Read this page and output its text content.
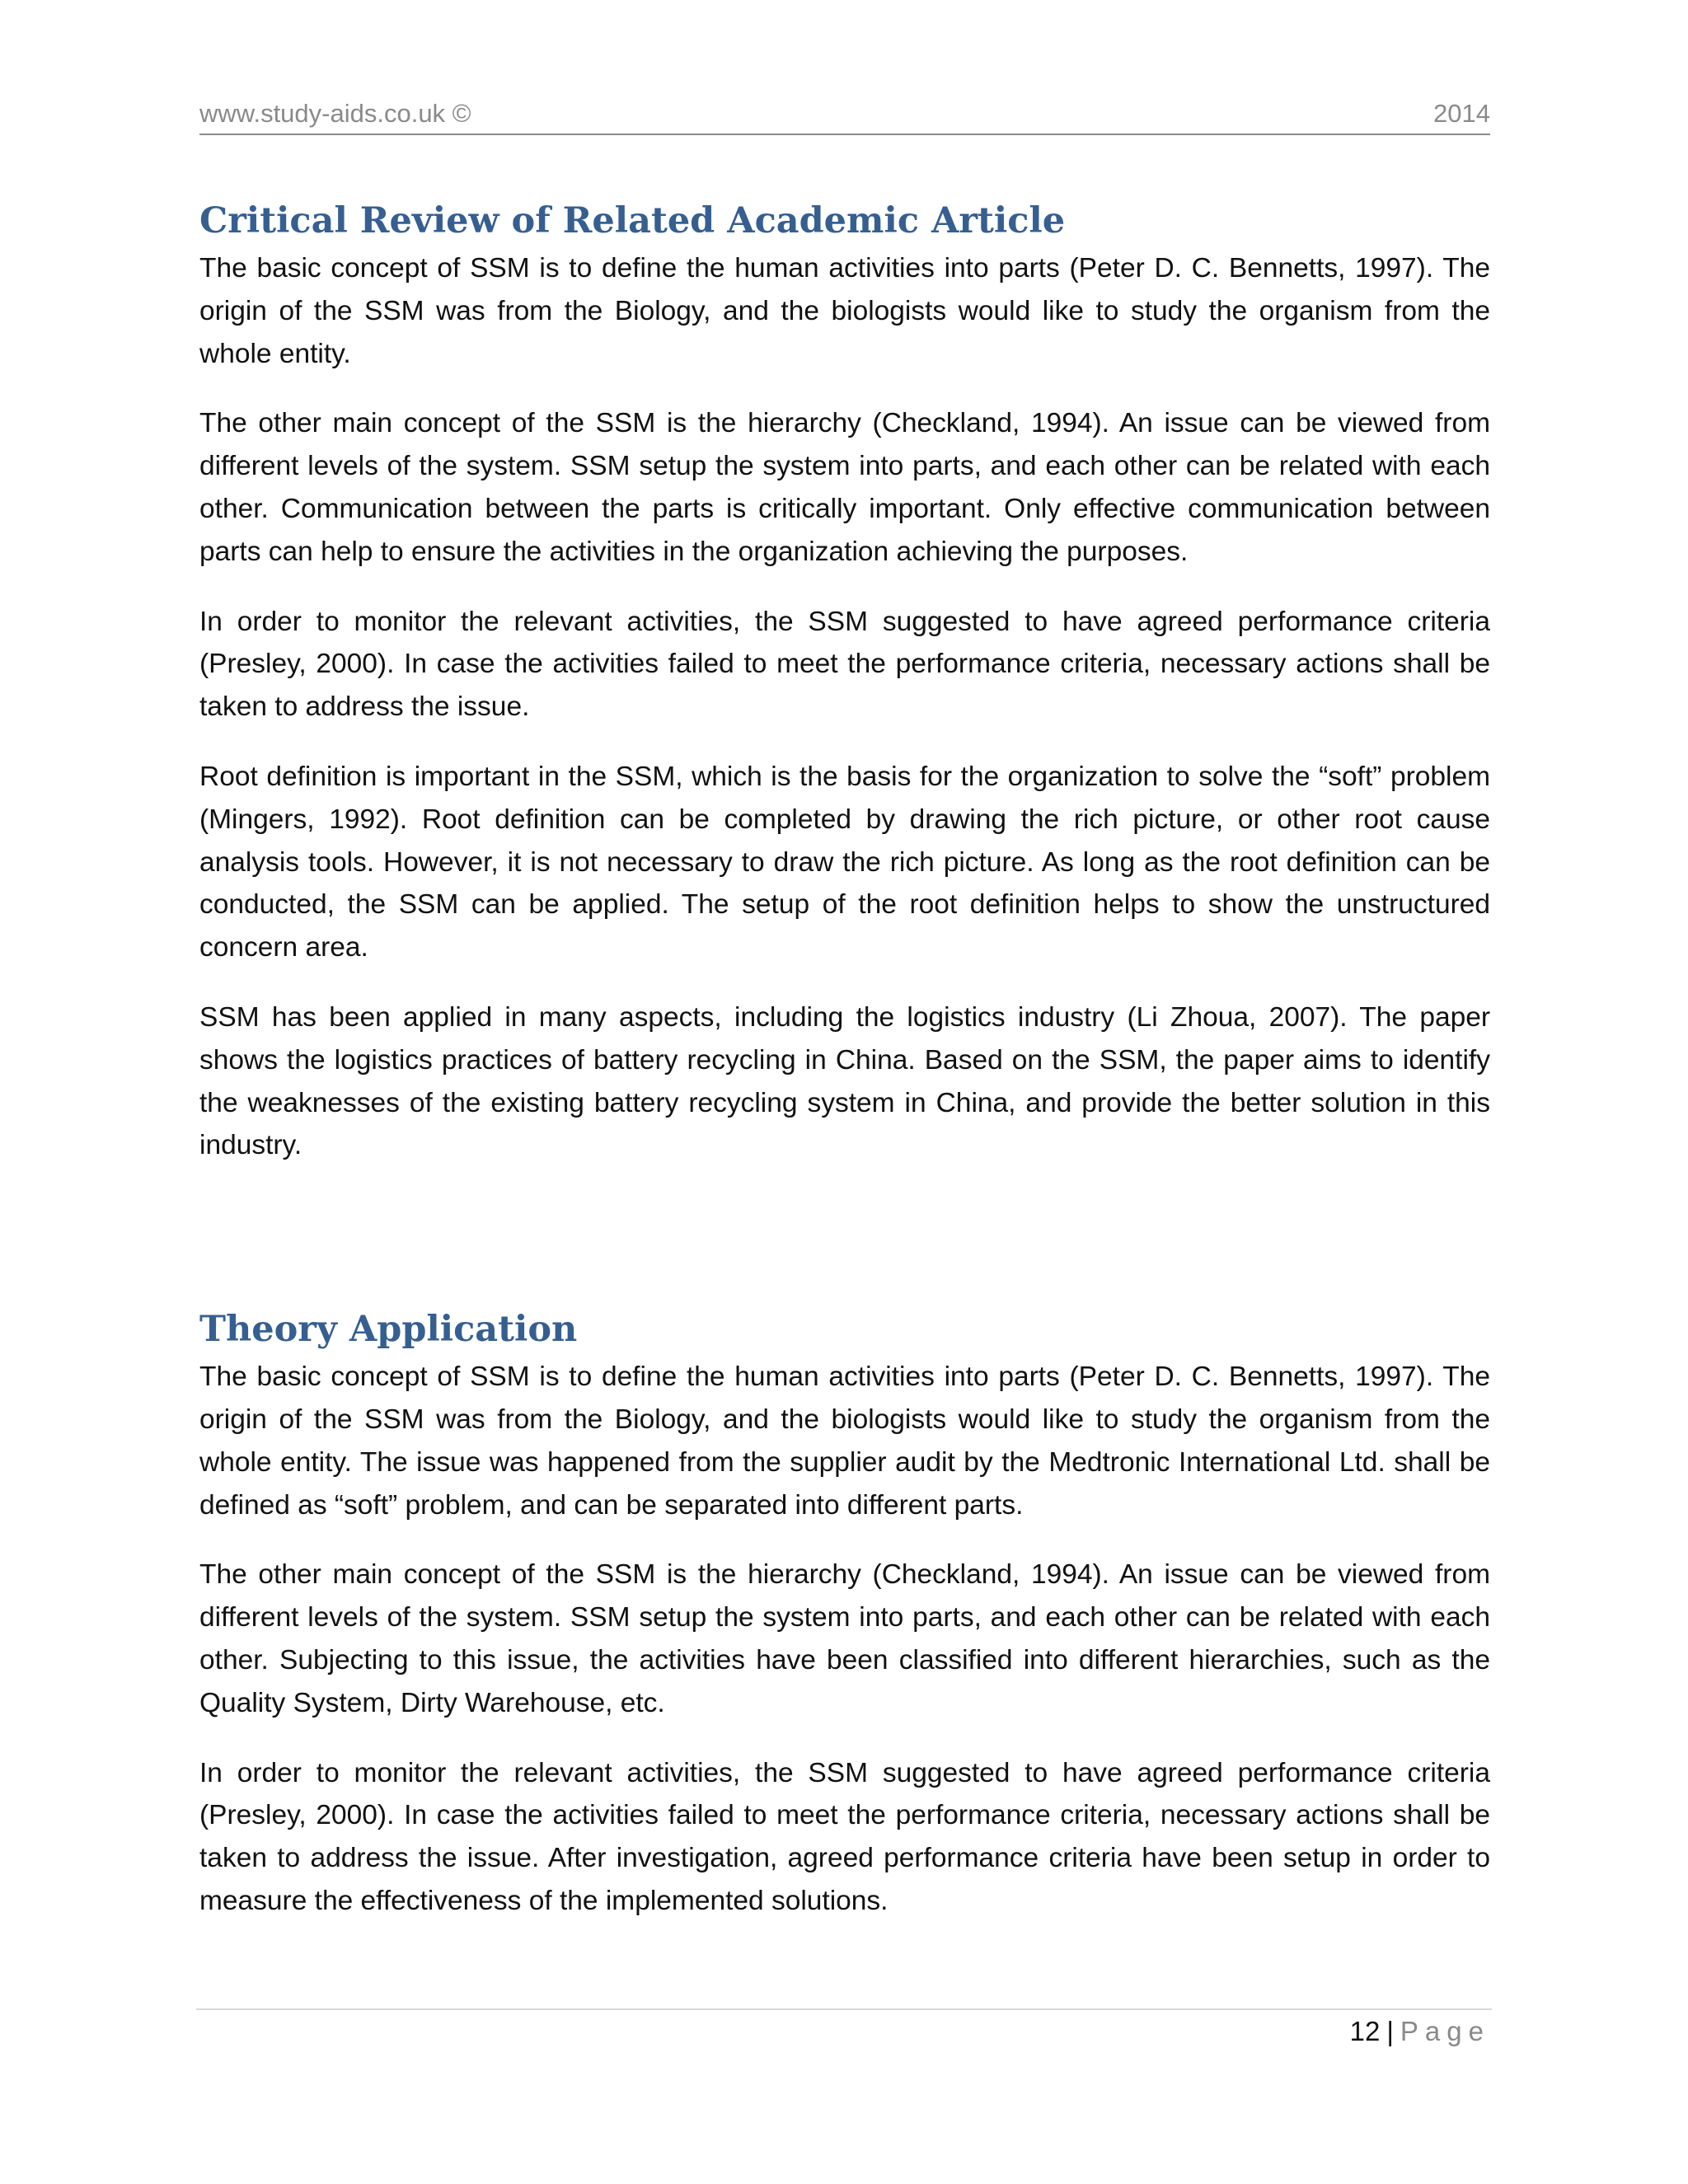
www.study-aids.co.uk ©	2014
Critical Review of Related Academic Article

The basic concept of SSM is to define the human activities into parts (Peter D. C. Bennetts, 1997). The origin of the SSM was from the Biology, and the biologists would like to study the organism from the whole entity.

The other main concept of the SSM is the hierarchy (Checkland, 1994). An issue can be viewed from different levels of the system. SSM setup the system into parts, and each other can be related with each other. Communication between the parts is critically important. Only effective communication between parts can help to ensure the activities in the organization achieving the purposes.

In order to monitor the relevant activities, the SSM suggested to have agreed performance criteria (Presley, 2000). In case the activities failed to meet the performance criteria, necessary actions shall be taken to address the issue.

Root definition is important in the SSM, which is the basis for the organization to solve the “soft” problem (Mingers, 1992). Root definition can be completed by drawing the rich picture, or other root cause analysis tools. However, it is not necessary to draw the rich picture. As long as the root definition can be conducted, the SSM can be applied. The setup of the root definition helps to show the unstructured concern area.

SSM has been applied in many aspects, including the logistics industry (Li Zhoua, 2007). The paper shows the logistics practices of battery recycling in China. Based on the SSM, the paper aims to identify the weaknesses of the existing battery recycling system in China, and provide the better solution in this industry.

Theory Application

The basic concept of SSM is to define the human activities into parts (Peter D. C. Bennetts, 1997). The origin of the SSM was from the Biology, and the biologists would like to study the organism from the whole entity. The issue was happened from the supplier audit by the Medtronic International Ltd. shall be defined as “soft” problem, and can be separated into different parts.

The other main concept of the SSM is the hierarchy (Checkland, 1994). An issue can be viewed from different levels of the system. SSM setup the system into parts, and each other can be related with each other. Subjecting to this issue, the activities have been classified into different hierarchies, such as the Quality System, Dirty Warehouse, etc.

In order to monitor the relevant activities, the SSM suggested to have agreed performance criteria (Presley, 2000). In case the activities failed to meet the performance criteria, necessary actions shall be taken to address the issue. After investigation, agreed performance criteria have been setup in order to measure the effectiveness of the implemented solutions.

12 | Page
